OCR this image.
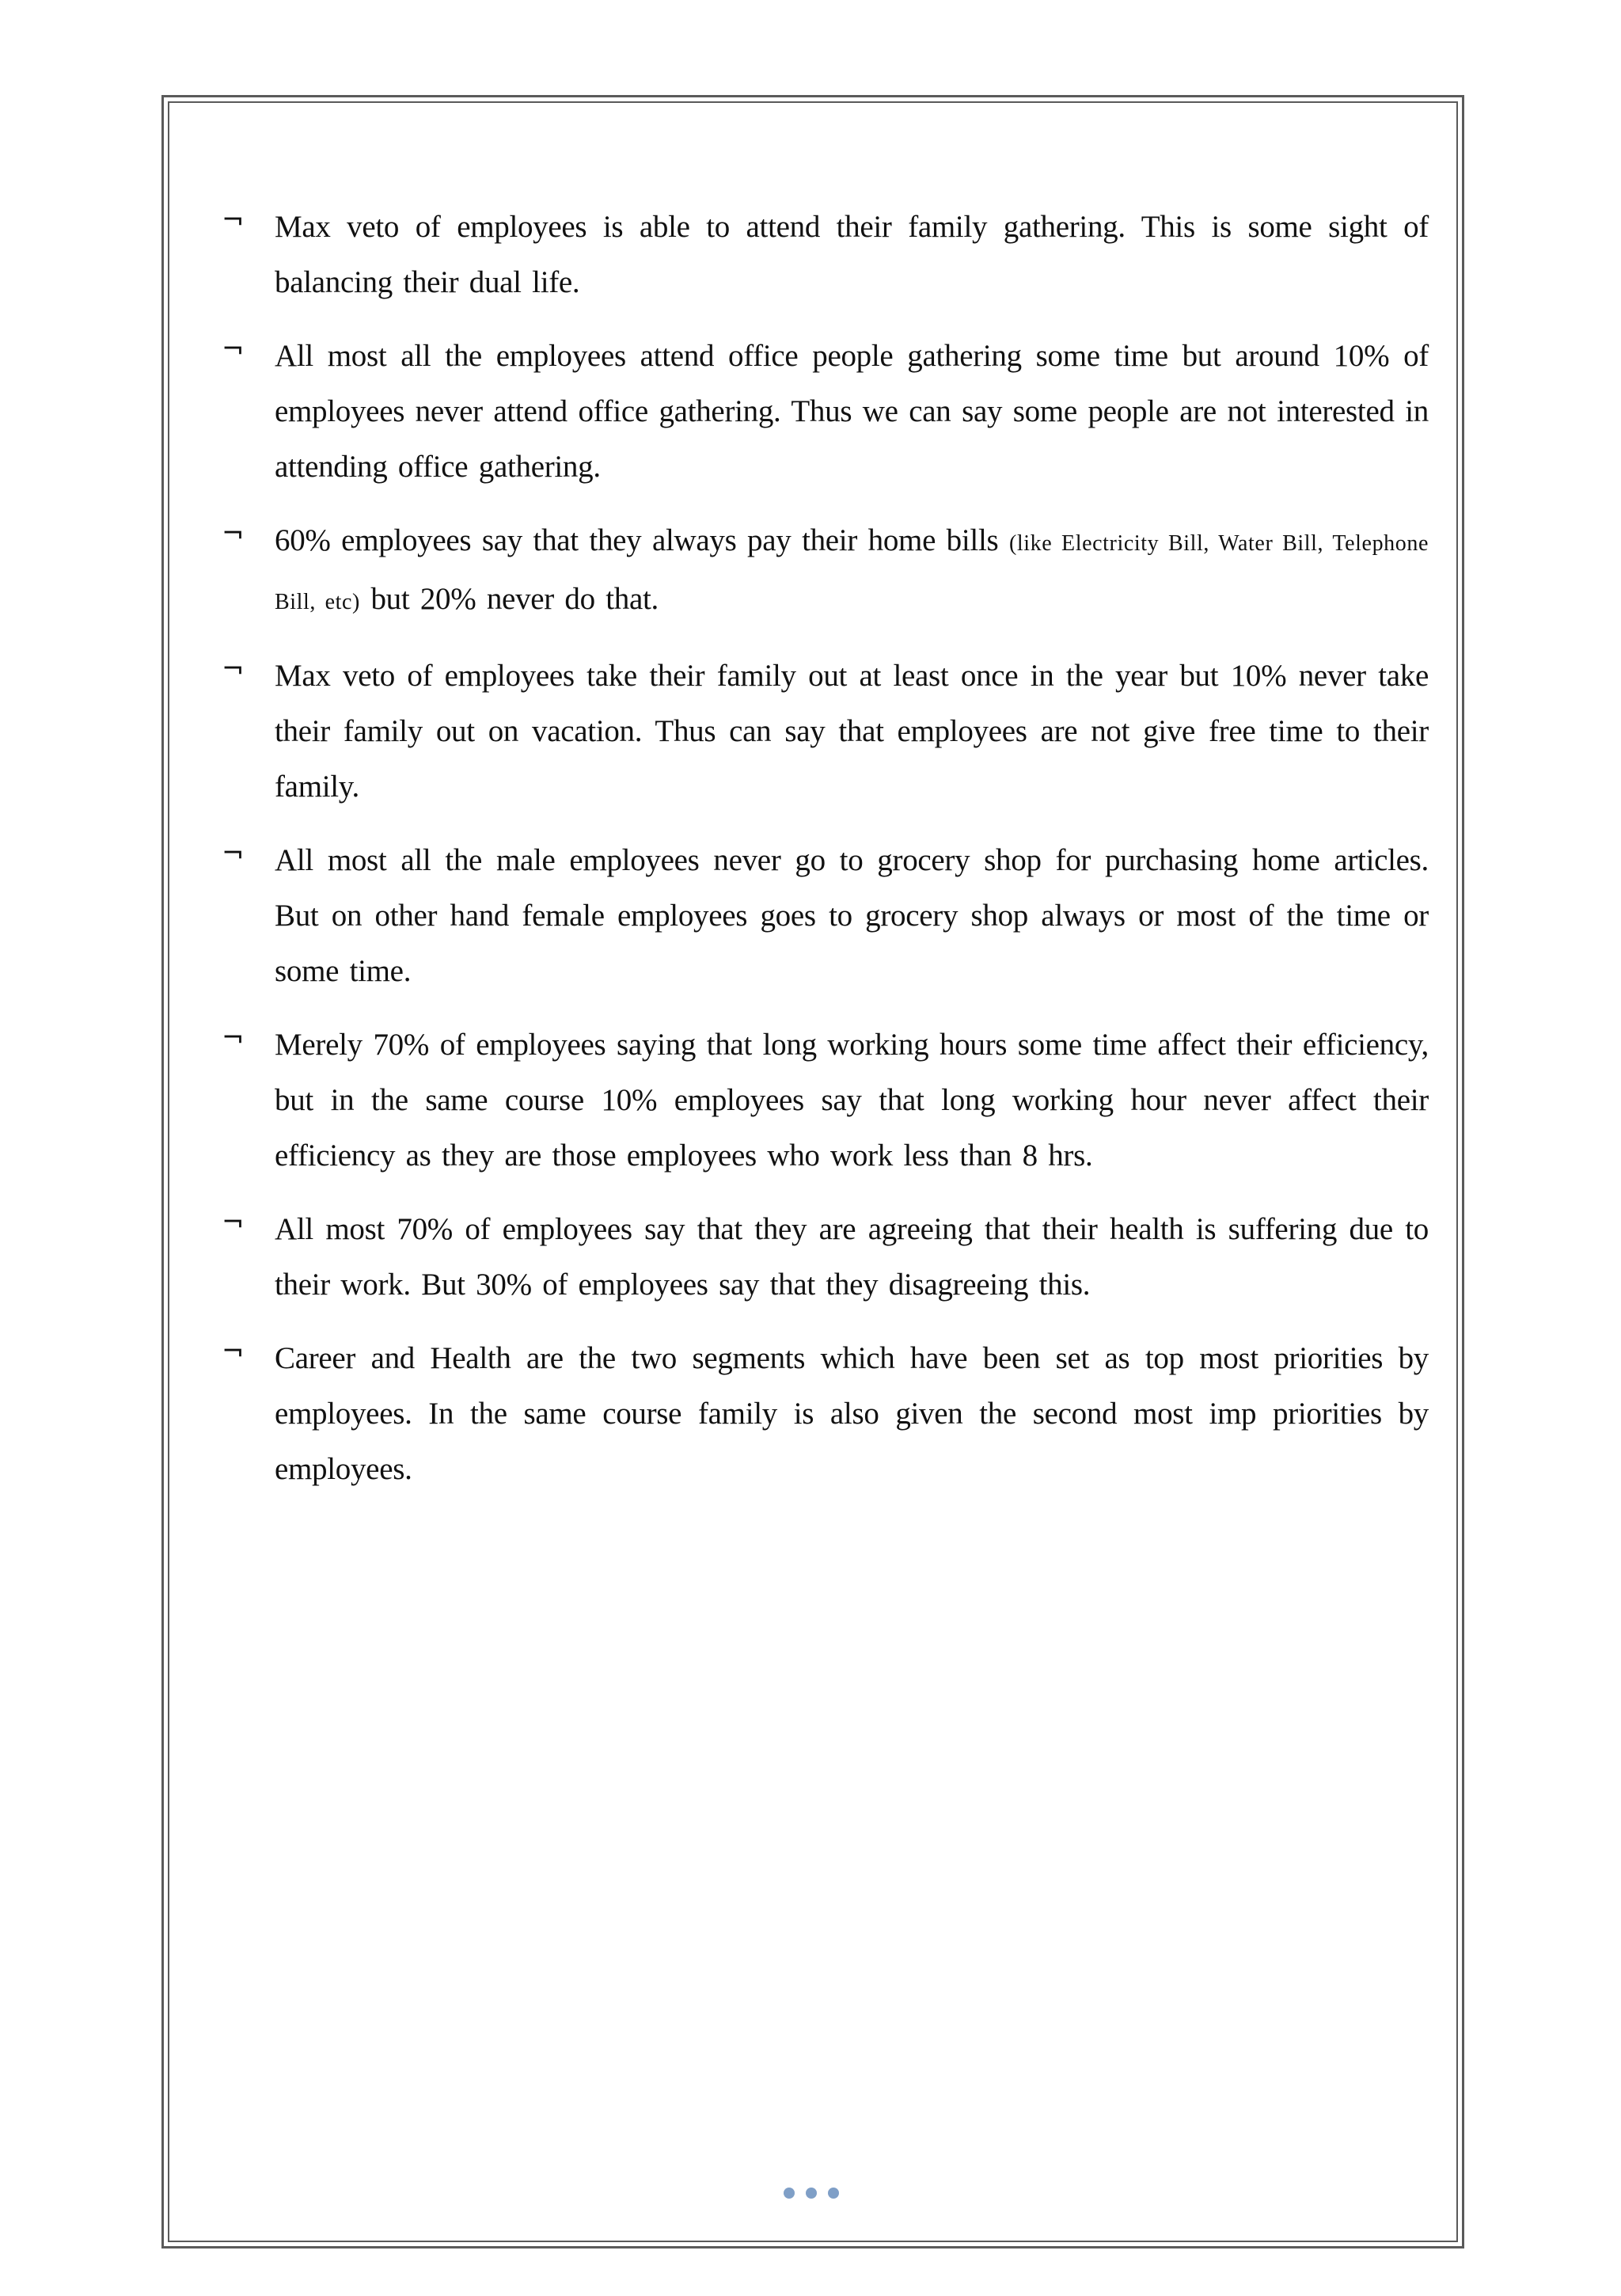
¬ Max veto of employees is able to attend their family gathering. This is some sight of balancing their dual life.
¬ All most all the employees attend office people gathering some time but around 10% of employees never attend office gathering. Thus we can say some people are not interested in attending office gathering.
¬ 60% employees say that they always pay their home bills (like Electricity Bill, Water Bill, Telephone Bill, etc) but 20% never do that.
¬ Max veto of employees take their family out at least once in the year but 10% never take their family out on vacation. Thus can say that employees are not give free time to their family.
¬ All most all the male employees never go to grocery shop for purchasing home articles. But on other hand female employees goes to grocery shop always or most of the time or some time.
¬ Merely 70% of employees saying that long working hours some time affect their efficiency, but in the same course 10% employees say that long working hour never affect their efficiency as they are those employees who work less than 8 hrs.
¬ All most 70% of employees say that they are agreeing that their health is suffering due to their work. But 30% of employees say that they disagreeing this.
¬ Career and Health are the two segments which have been set as top most priorities by employees. In the same course family is also given the second most imp priorities by employees.
